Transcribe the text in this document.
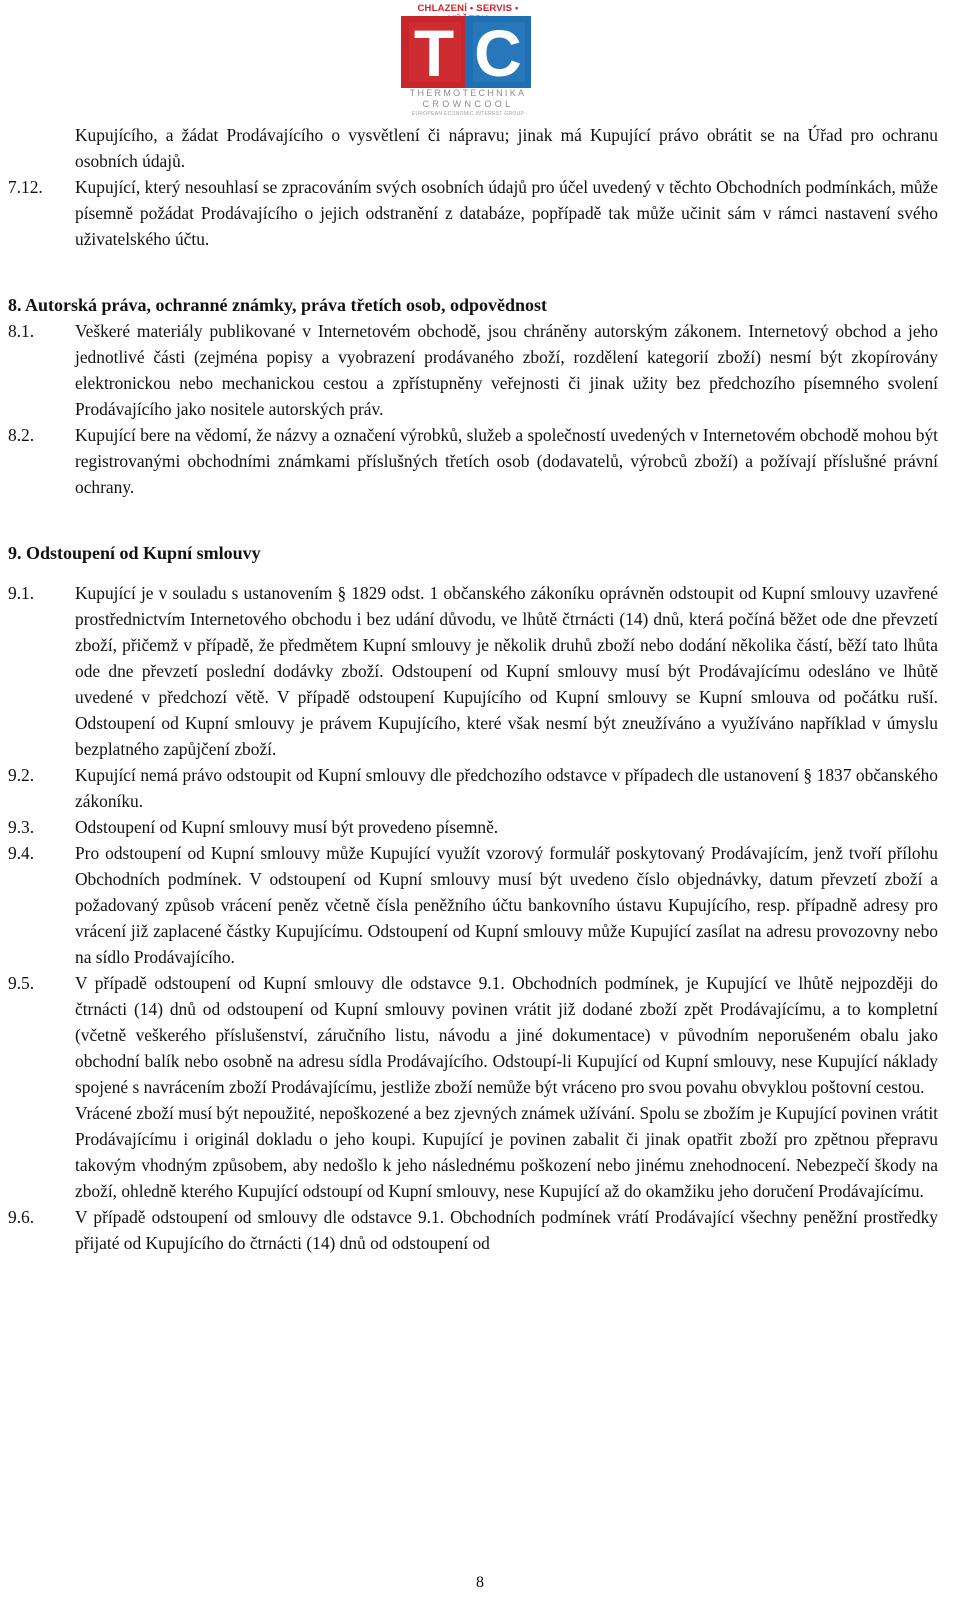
CHLAZENÍ • SERVIS •
T C
THERMOTECHNIKA
CROWNCOOL
EUROPEAN ECONOMIC INTEREST GROUP
Kupujícího, a žádat Prodávajícího o vysvětlení či nápravu; jinak má Kupující právo obrátit se na Úřad pro ochranu osobních údajů.
7.12.	Kupující, který nesouhlasí se zpracováním svých osobních údajů pro účel uvedený v těchto Obchodních podmínkách, může písemně požádat Prodávajícího o jejich odstranění z databáze, popřípadě tak může učinit sám v rámci nastavení svého uživatelského účtu.
8. Autorská práva, ochranné známky, práva třetích osob, odpovědnost
8.1.	Veškeré materiály publikované v Internetovém obchodě, jsou chráněny autorským zákonem. Internetový obchod a jeho jednotlivé části (zejména popisy a vyobrazení prodávaného zboží, rozdělení kategorií zboží) nesmí být zkopírovány elektronickou nebo mechanickou cestou a zpřístupněny veřejnosti či jinak užity bez předchozího písemného svolení Prodávajícího jako nositele autorských práv.
8.2.	Kupující bere na vědomí, že názvy a označení výrobků, služeb a společností uvedených v Internetovém obchodě mohou být registrovanými obchodními známkami příslušných třetích osob (dodavatelů, výrobců zboží) a požívají příslušné právní ochrany.
9. Odstoupení od Kupní smlouvy
9.1.	Kupující je v souladu s ustanovením § 1829 odst. 1 občanského zákoníku oprávněn odstoupit od Kupní smlouvy uzavřené prostřednictvím Internetového obchodu i bez udání důvodu, ve lhůtě čtrnácti (14) dnů, která počíná běžet ode dne převzetí zboží, přičemž v případě, že předmětem Kupní smlouvy je několik druhů zboží nebo dodání několika částí, běží tato lhůta ode dne převzetí poslední dodávky zboží. Odstoupení od Kupní smlouvy musí být Prodávajícímu odesláno ve lhůtě uvedené v předchozí větě. V případě odstoupení Kupujícího od Kupní smlouvy se Kupní smlouva od počátku ruší. Odstoupení od Kupní smlouvy je právem Kupujícího, které však nesmí být zneužíváno a využíváno například v úmyslu bezplatného zapůjčení zboží.
9.2.	Kupující nemá právo odstoupit od Kupní smlouvy dle předchozího odstavce v případech dle ustanovení § 1837 občanského zákoníku.
9.3.	Odstoupení od Kupní smlouvy musí být provedeno písemně.
9.4.	Pro odstoupení od Kupní smlouvy může Kupující využít vzorový formulář poskytovaný Prodávajícím, jenž tvoří přílohu Obchodních podmínek. V odstoupení od Kupní smlouvy musí být uvedeno číslo objednávky, datum převzetí zboží a požadovaný způsob vrácení peněz včetně čísla peněžního účtu bankovního ústavu Kupujícího, resp. případně adresy pro vrácení již zaplacené částky Kupujícímu. Odstoupení od Kupní smlouvy může Kupující zasílat na adresu provozovny nebo na sídlo Prodávajícího.
9.5.	V případě odstoupení od Kupní smlouvy dle odstavce 9.1. Obchodních podmínek, je Kupující ve lhůtě nejpozději do čtrnácti (14) dnů od odstoupení od Kupní smlouvy povinen vrátit již dodané zboží zpět Prodávajícímu, a to kompletní (včetně veškerého příslušenství, záručního listu, návodu a jiné dokumentace) v původním neporušeném obalu jako obchodní balík nebo osobně na adresu sídla Prodávajícího. Odstoupí-li Kupující od Kupní smlouvy, nese Kupující náklady spojené s navrácením zboží Prodávajícímu, jestliže zboží nemůže být vráceno pro svou povahu obvyklou poštovní cestou.
Vrácené zboží musí být nepoužité, nepoškozené a bez zjevných známek užívání. Spolu se zbožím je Kupující povinen vrátit Prodávajícímu i originál dokladu o jeho koupi. Kupující je povinen zabalit či jinak opatřit zboží pro zpětnou přepravu takovým vhodným způsobem, aby nedošlo k jeho následnému poškození nebo jinému znehodnocení. Nebezpečí škody na zboží, ohledně kterého Kupující odstoupí od Kupní smlouvy, nese Kupující až do okamžiku jeho doručení Prodávajícímu.
9.6.	V případě odstoupení od smlouvy dle odstavce 9.1. Obchodních podmínek vrátí Prodávající všechny peněžní prostředky přijaté od Kupujícího do čtrnácti (14) dnů od odstoupení od
8
